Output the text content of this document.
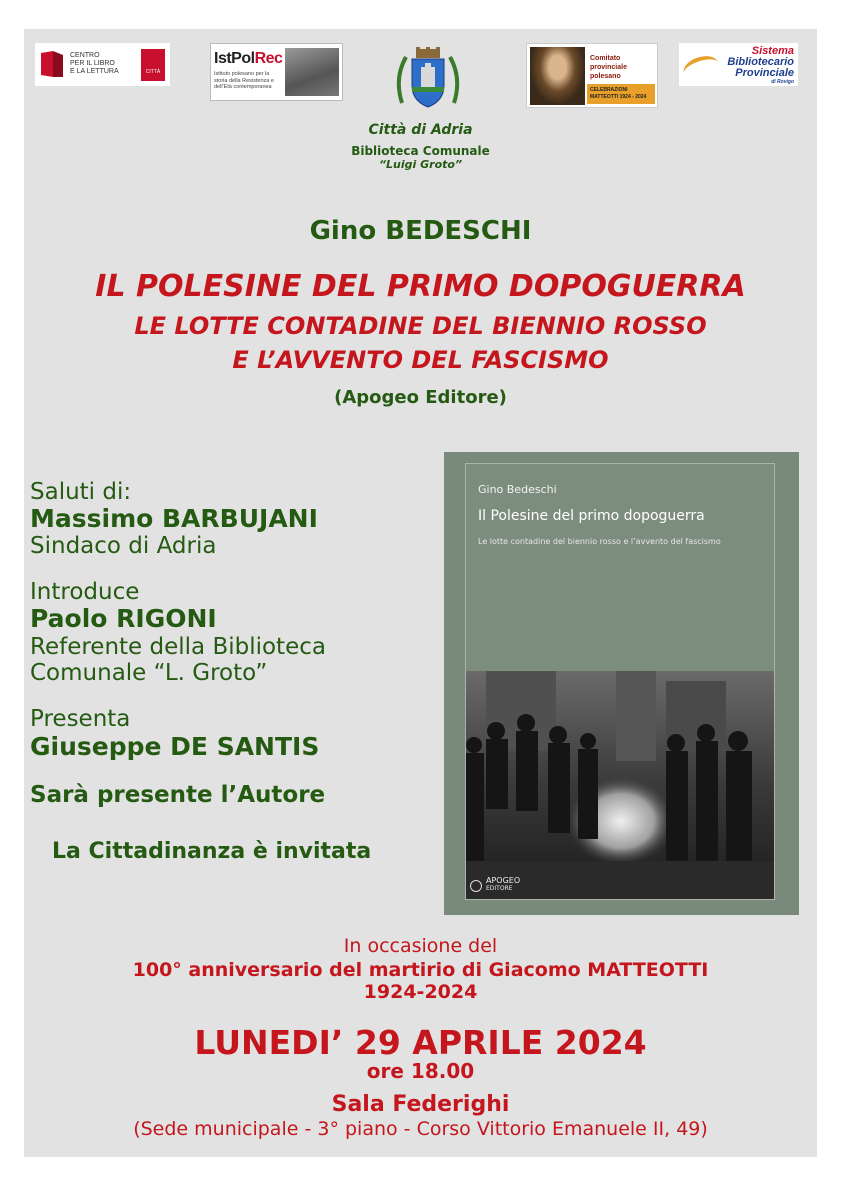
CENTRO
PER IL LIBRO
E LA LETTURA	CITTÀ
IstPolRec
Istituto polesano per la storia della Resistenza e dell'Età contemporanea
Comitato
provinciale
polesano
CELEBRAZIONI MATTEOTTI 1924 - 2024
Sistema
Bibliotecario
Provinciale
di Rovigo
Città di Adria
Biblioteca Comunale
“Luigi Groto”
Gino BEDESCHI
IL POLESINE DEL PRIMO DOPOGUERRA
LE LOTTE CONTADINE DEL BIENNIO ROSSO
E L’AVVENTO DEL FASCISMO
(Apogeo Editore)
Saluti di:
Massimo BARBUJANI
Sindaco di Adria
Introduce
Paolo RIGONI
Referente della Biblioteca
Comunale “L. Groto”
Presenta
Giuseppe DE SANTIS
Sarà presente l’Autore
La Cittadinanza è invitata
Gino Bedeschi
Il Polesine del primo dopoguerra
Le lotte contadine del biennio rosso e l’avvento del fascismo
APOGEO
EDITORE
In occasione del
100° anniversario del martirio di Giacomo MATTEOTTI
1924-2024
LUNEDI’ 29 APRILE 2024
ore 18.00
Sala Federighi
(Sede municipale - 3° piano - Corso Vittorio Emanuele II, 49)
